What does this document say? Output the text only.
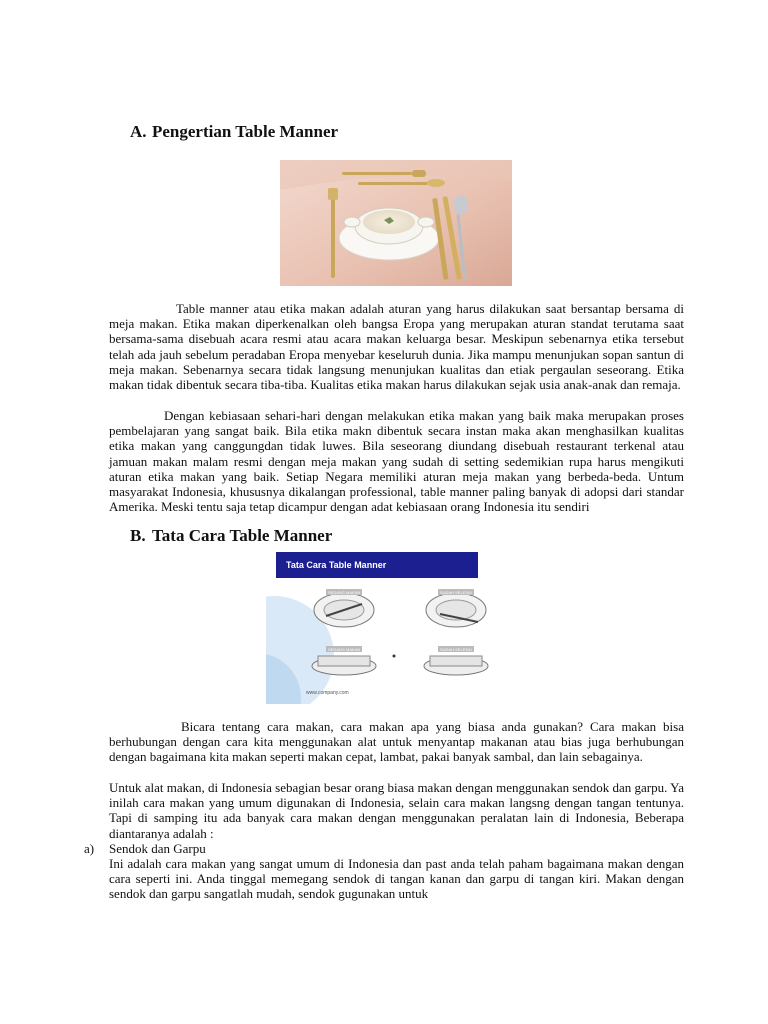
A. Pengertian Table Manner

Table manner atau etika makan adalah aturan yang harus dilakukan saat bersantap bersama di meja makan. Etika makan diperkenalkan oleh bangsa Eropa yang merupakan aturan standat terutama saat bersama-sama disebuah acara resmi atau acara makan keluarga besar. Meskipun sebenarnya etika tersebut telah ada jauh sebelum peradaban Eropa menyebar keseluruh dunia. Jika mampu menunjukan sopan santun di meja makan. Sebenarnya secara tidak langsung menunjukan kualitas dan etiak pergaulan seseorang. Etika makan tidak dibentuk secara tiba-tiba. Kualitas etika makan harus dilakukan sejak usia anak-anak dan remaja.

Dengan kebiasaan sehari-hari dengan melakukan etika makan yang baik maka merupakan proses pembelajaran yang sangat baik. Bila etika makn dibentuk secara instan maka akan menghasilkan kualitas etika makan yang canggungdan tidak luwes. Bila seseorang diundang disebuah restaurant terkenal atau jamuan makan malam resmi dengan meja makan yang sudah di setting sedemikian rupa harus mengikuti aturan etika makan yang baik. Setiap Negara memiliki aturan meja makan yang berbeda-beda. Untum masyarakat Indonesia, khususnya dikalangan professional, table manner paling banyak di adopsi dari standar Amerika. Meski tentu saja tetap dicampur dengan adat kebiasaan orang Indonesia itu sendiri

B. Tata Cara Table Manner
Tata Cara Table Manner
SEDANG MAKAN	SUDAH SELESAI
SEDANG MAKAN	SUDAH SELESAI
www.company.com

Bicara tentang cara makan, cara makan apa yang biasa anda gunakan? Cara makan bisa berhubungan dengan cara kita menggunakan alat untuk menyantap makanan atau bias juga berhubungan dengan bagaimana kita makan seperti makan cepat, lambat, pakai banyak sambal, dan lain sebagainya.

Untuk alat makan, di Indonesia sebagian besar orang biasa makan dengan menggunakan sendok dan garpu. Ya inilah cara makan yang umum digunakan di Indonesia, selain cara makan langsng dengan tangan tentunya. Tapi di samping itu ada banyak cara makan dengan menggunakan peralatan lain di Indonesia, Beberapa diantaranya adalah :

a) Sendok dan Garpu

Ini adalah cara makan yang sangat umum di Indonesia dan past anda telah paham bagaimana makan dengan cara seperti ini. Anda tinggal memegang sendok di tangan kanan dan garpu di tangan kiri. Makan dengan sendok dan garpu sangatlah mudah, sendok gugunakan untuk
